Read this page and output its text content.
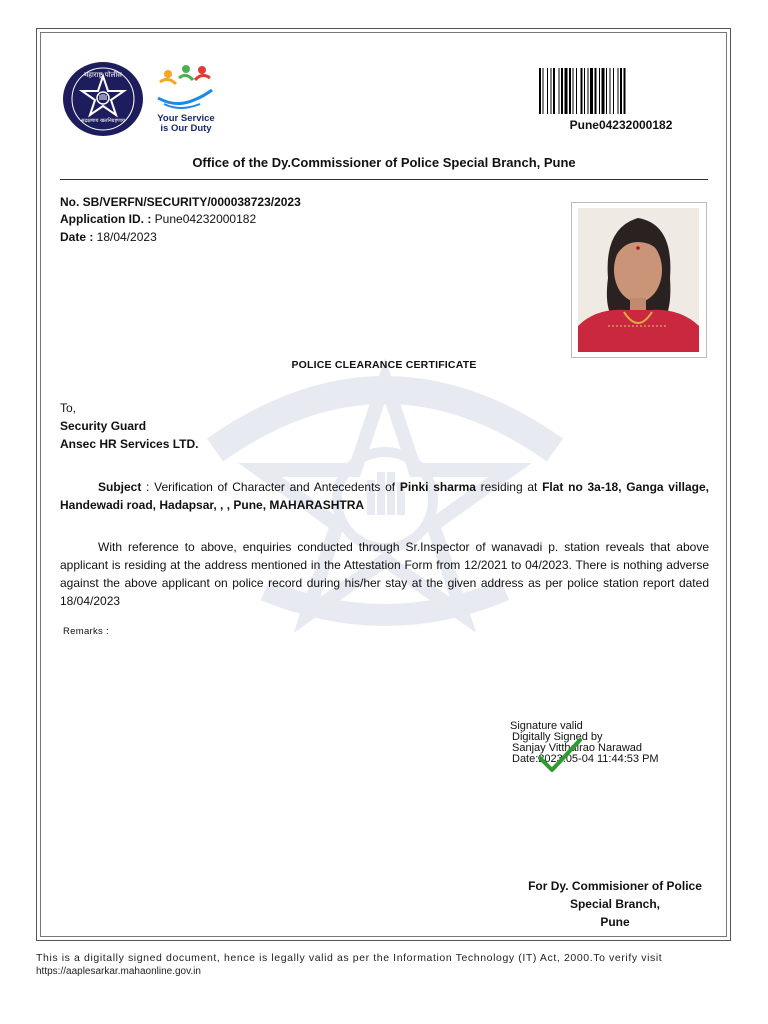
महाराष्ट्र पोलीस
सद्रक्षणाय खलनिग्रहणाय	Your Service
is Our Duty	Pune04232000182
Office of the Dy.Commissioner of Police Special Branch, Pune
No. SB/VERFN/SECURITY/000038723/2023
Application ID. : Pune04232000182
Date : 18/04/2023
POLICE CLEARANCE CERTIFICATE
To,
Security Guard
Ansec HR Services LTD.
Subject : Verification of Character and Antecedents of Pinki sharma residing at Flat no 3a-18, Ganga village, Handewadi road, Hadapsar, , , Pune, MAHARASHTRA
With reference to above, enquiries conducted through Sr.Inspector of wanavadi p. station reveals that above applicant is residing at the address mentioned in the Attestation Form from 12/2021 to 04/2023. There is nothing adverse against the above applicant on police record during his/her stay at the given address as per police station report dated 18/04/2023
Remarks :
Signature valid
Digitally Signed by
Sanjay Vitthalrao Narawad
Date:2023.05-04 11:44:53 PM
For Dy. Commisioner of Police
Special Branch,
Pune
This is a digitally signed document, hence is legally valid as per the Information Technology (IT) Act, 2000.To verify visit
https://aaplesarkar.mahaonline.gov.in
